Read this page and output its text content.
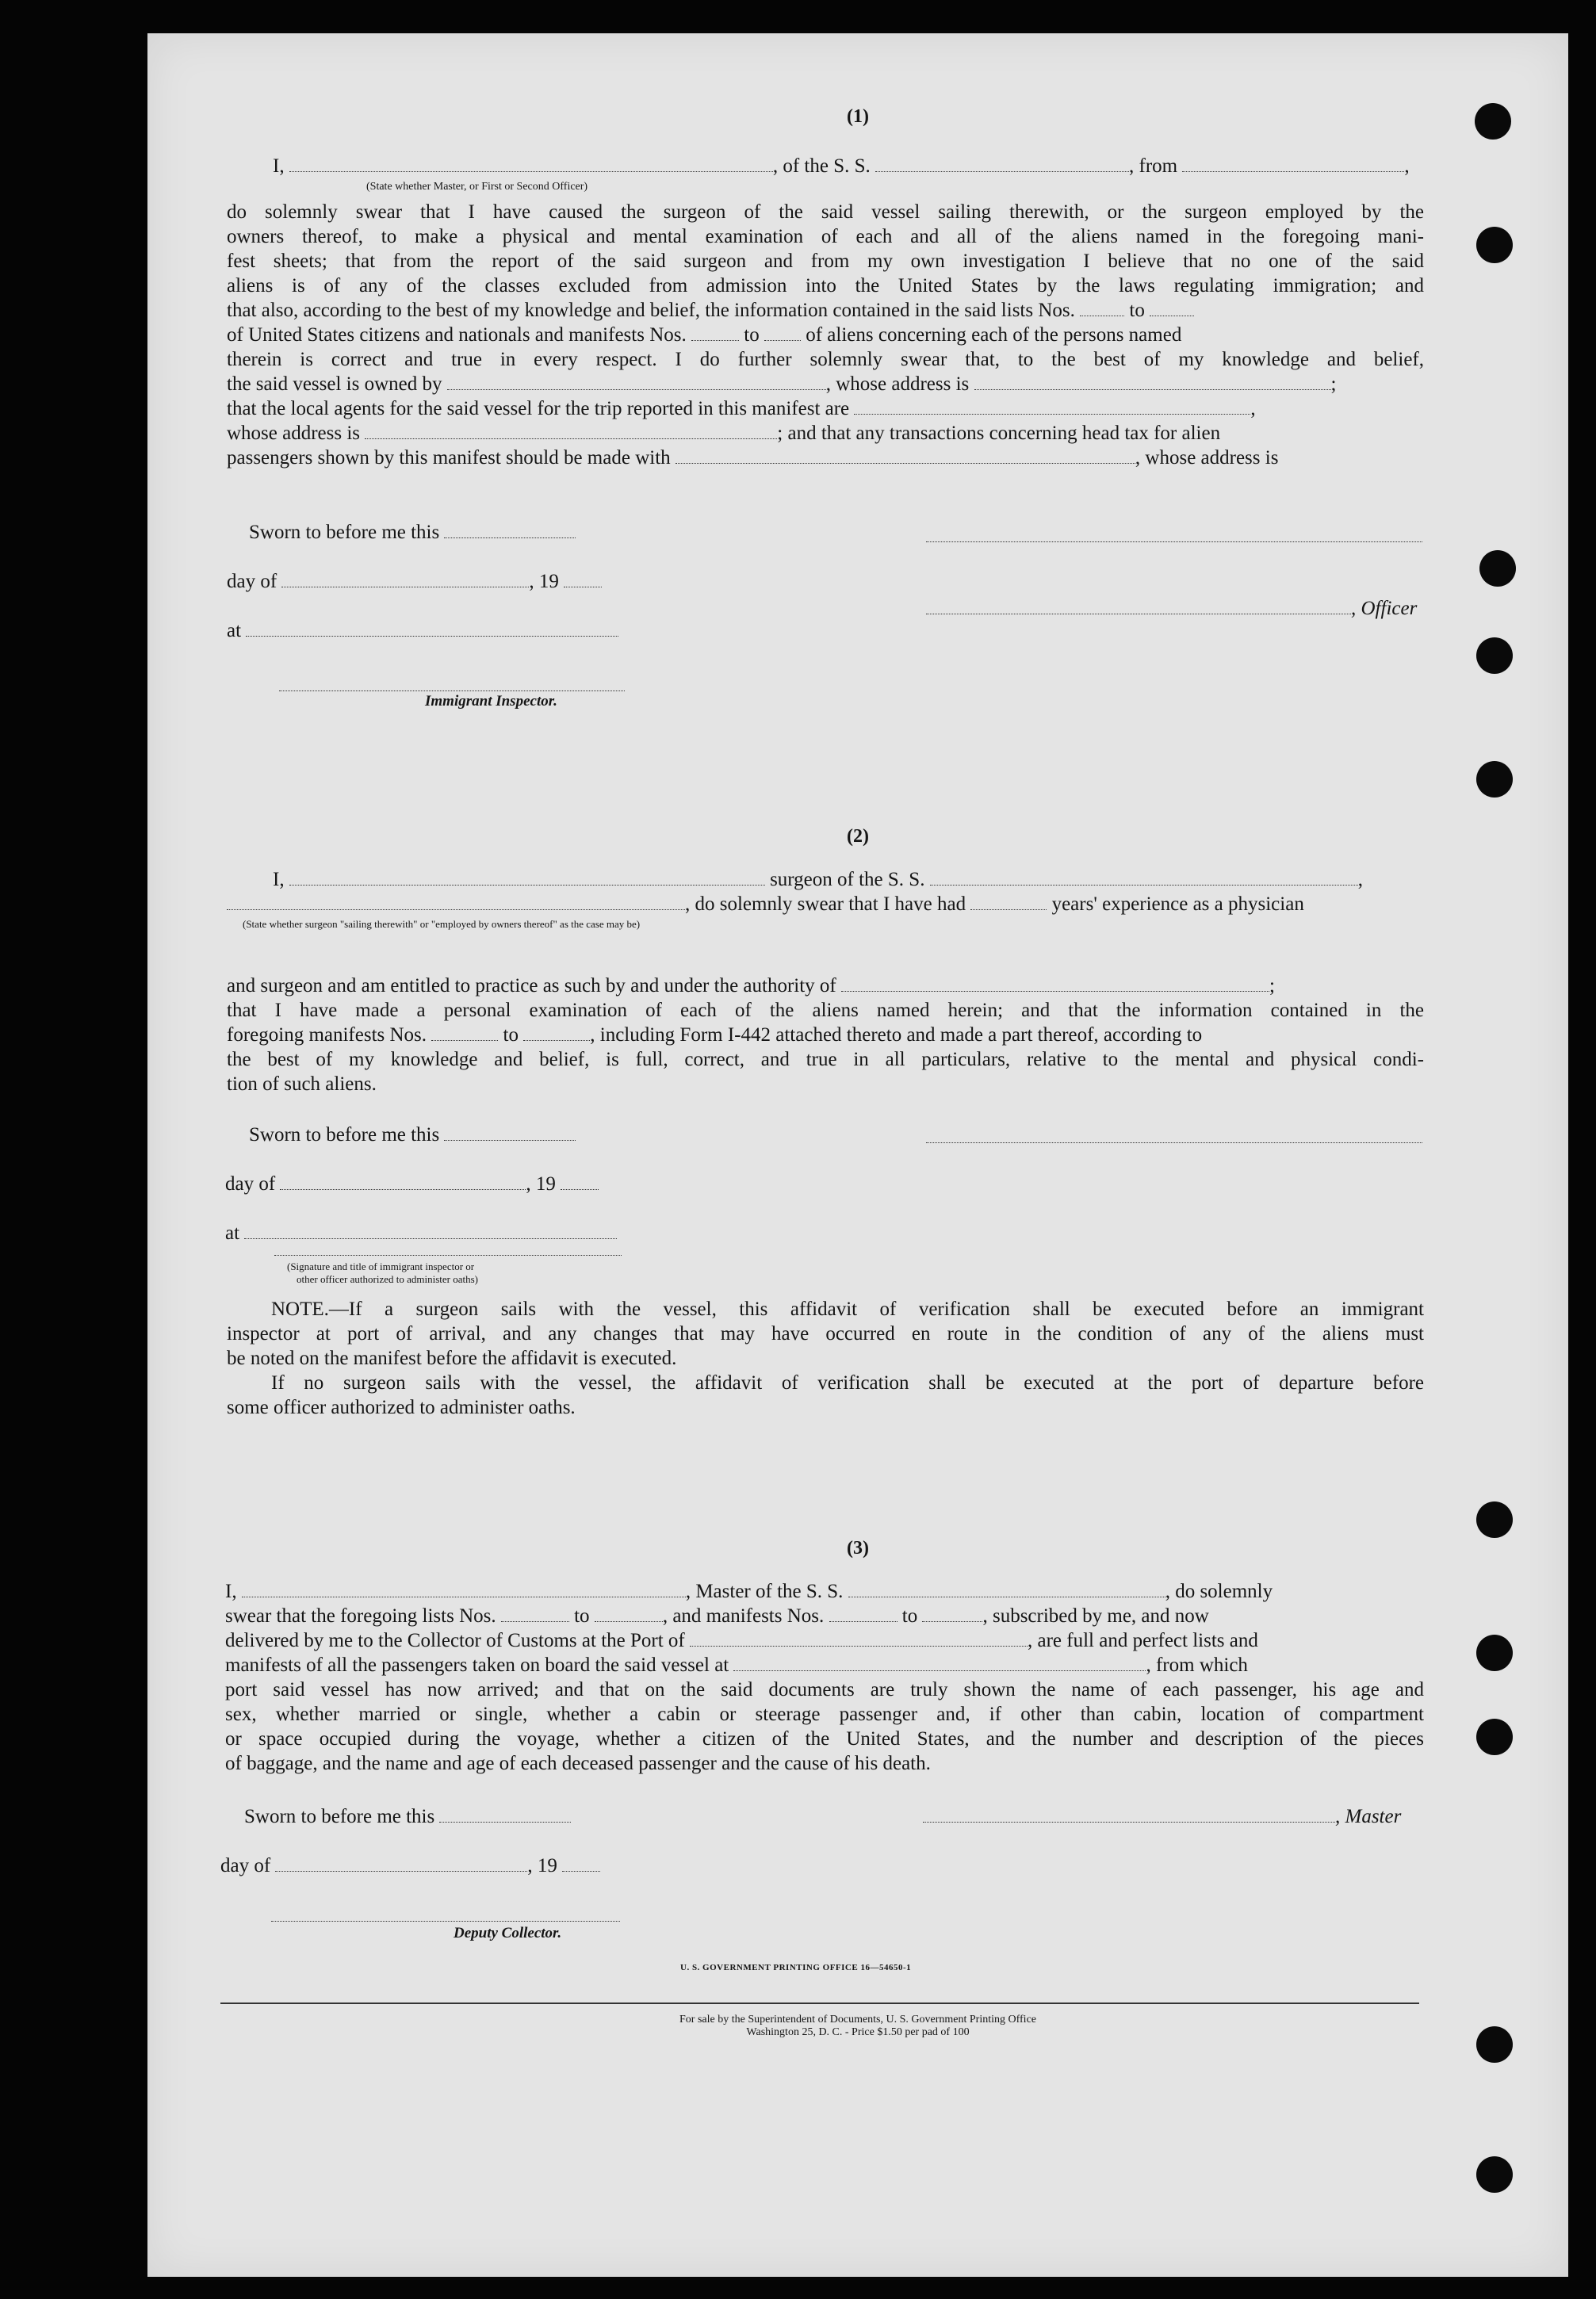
(1)
I,	, of the S. S.	, from	,
(State whether Master, or First or Second Officer)
do solemnly swear that I have caused the surgeon of the said vessel sailing therewith, or the surgeon employed by the
owners thereof, to make a physical and mental examination of each and all of the aliens named in the foregoing mani-
fest sheets; that from the report of the said surgeon and from my own investigation I believe that no one of the said
aliens is of any of the classes excluded from admission into the United States by the laws regulating immigration; and
that also, according to the best of my knowledge and belief, the information contained in the said lists Nos.	to
of United States citizens and nationals and manifests Nos.	to of aliens concerning each of the persons named
therein is correct and true in every respect. I do further solemnly swear that, to the best of my knowledge and belief,
the said vessel is owned by	, whose address is	;
that the local agents for the said vessel for the trip reported in this manifest are	,
whose address is	; and that any transactions concerning head tax for alien
passengers shown by this manifest should be made with	, whose address is
Sworn to before me this
day of	, 19
, Officer
at
Immigrant Inspector.
(2)
I,	surgeon of the S. S.	,
, do solemnly swear that I have had	years' experience as a physician
(State whether surgeon "sailing therewith" or "employed by owners thereof" as the case may be)
and surgeon and am entitled to practice as such by and under the authority of	;
that I have made a personal examination of each of the aliens named herein; and that the information contained in the
foregoing manifests Nos.	to	, including Form I-442 attached thereto and made a part thereof, according to
the best of my knowledge and belief, is full, correct, and true in all particulars, relative to the mental and physical condi-
tion of such aliens.
Sworn to before me this
day of	, 19
at
(Signature and title of immigrant inspector or
other officer authorized to administer oaths)
NOTE.—If a surgeon sails with the vessel, this affidavit of verification shall be executed before an immigrant
inspector at port of arrival, and any changes that may have occurred en route in the condition of any of the aliens must
be noted on the manifest before the affidavit is executed.
If no surgeon sails with the vessel, the affidavit of verification shall be executed at the port of departure before
some officer authorized to administer oaths.
(3)
I,	, Master of the S. S.	, do solemnly
swear that the foregoing lists Nos.	to	, and manifests Nos.	to	, subscribed by me, and now
delivered by me to the Collector of Customs at the Port of	, are full and perfect lists and
manifests of all the passengers taken on board the said vessel at	, from which
port said vessel has now arrived; and that on the said documents are truly shown the name of each passenger, his age and
sex, whether married or single, whether a cabin or steerage passenger and, if other than cabin, location of compartment
or space occupied during the voyage, whether a citizen of the United States, and the number and description of the pieces
of baggage, and the name and age of each deceased passenger and the cause of his death.
Sworn to before me this	, Master
day of	, 19
Deputy Collector.
U. S. GOVERNMENT PRINTING OFFICE 16—54650-1
For sale by the Superintendent of Documents, U. S. Government Printing Office
Washington 25, D. C. - Price $1.50 per pad of 100
